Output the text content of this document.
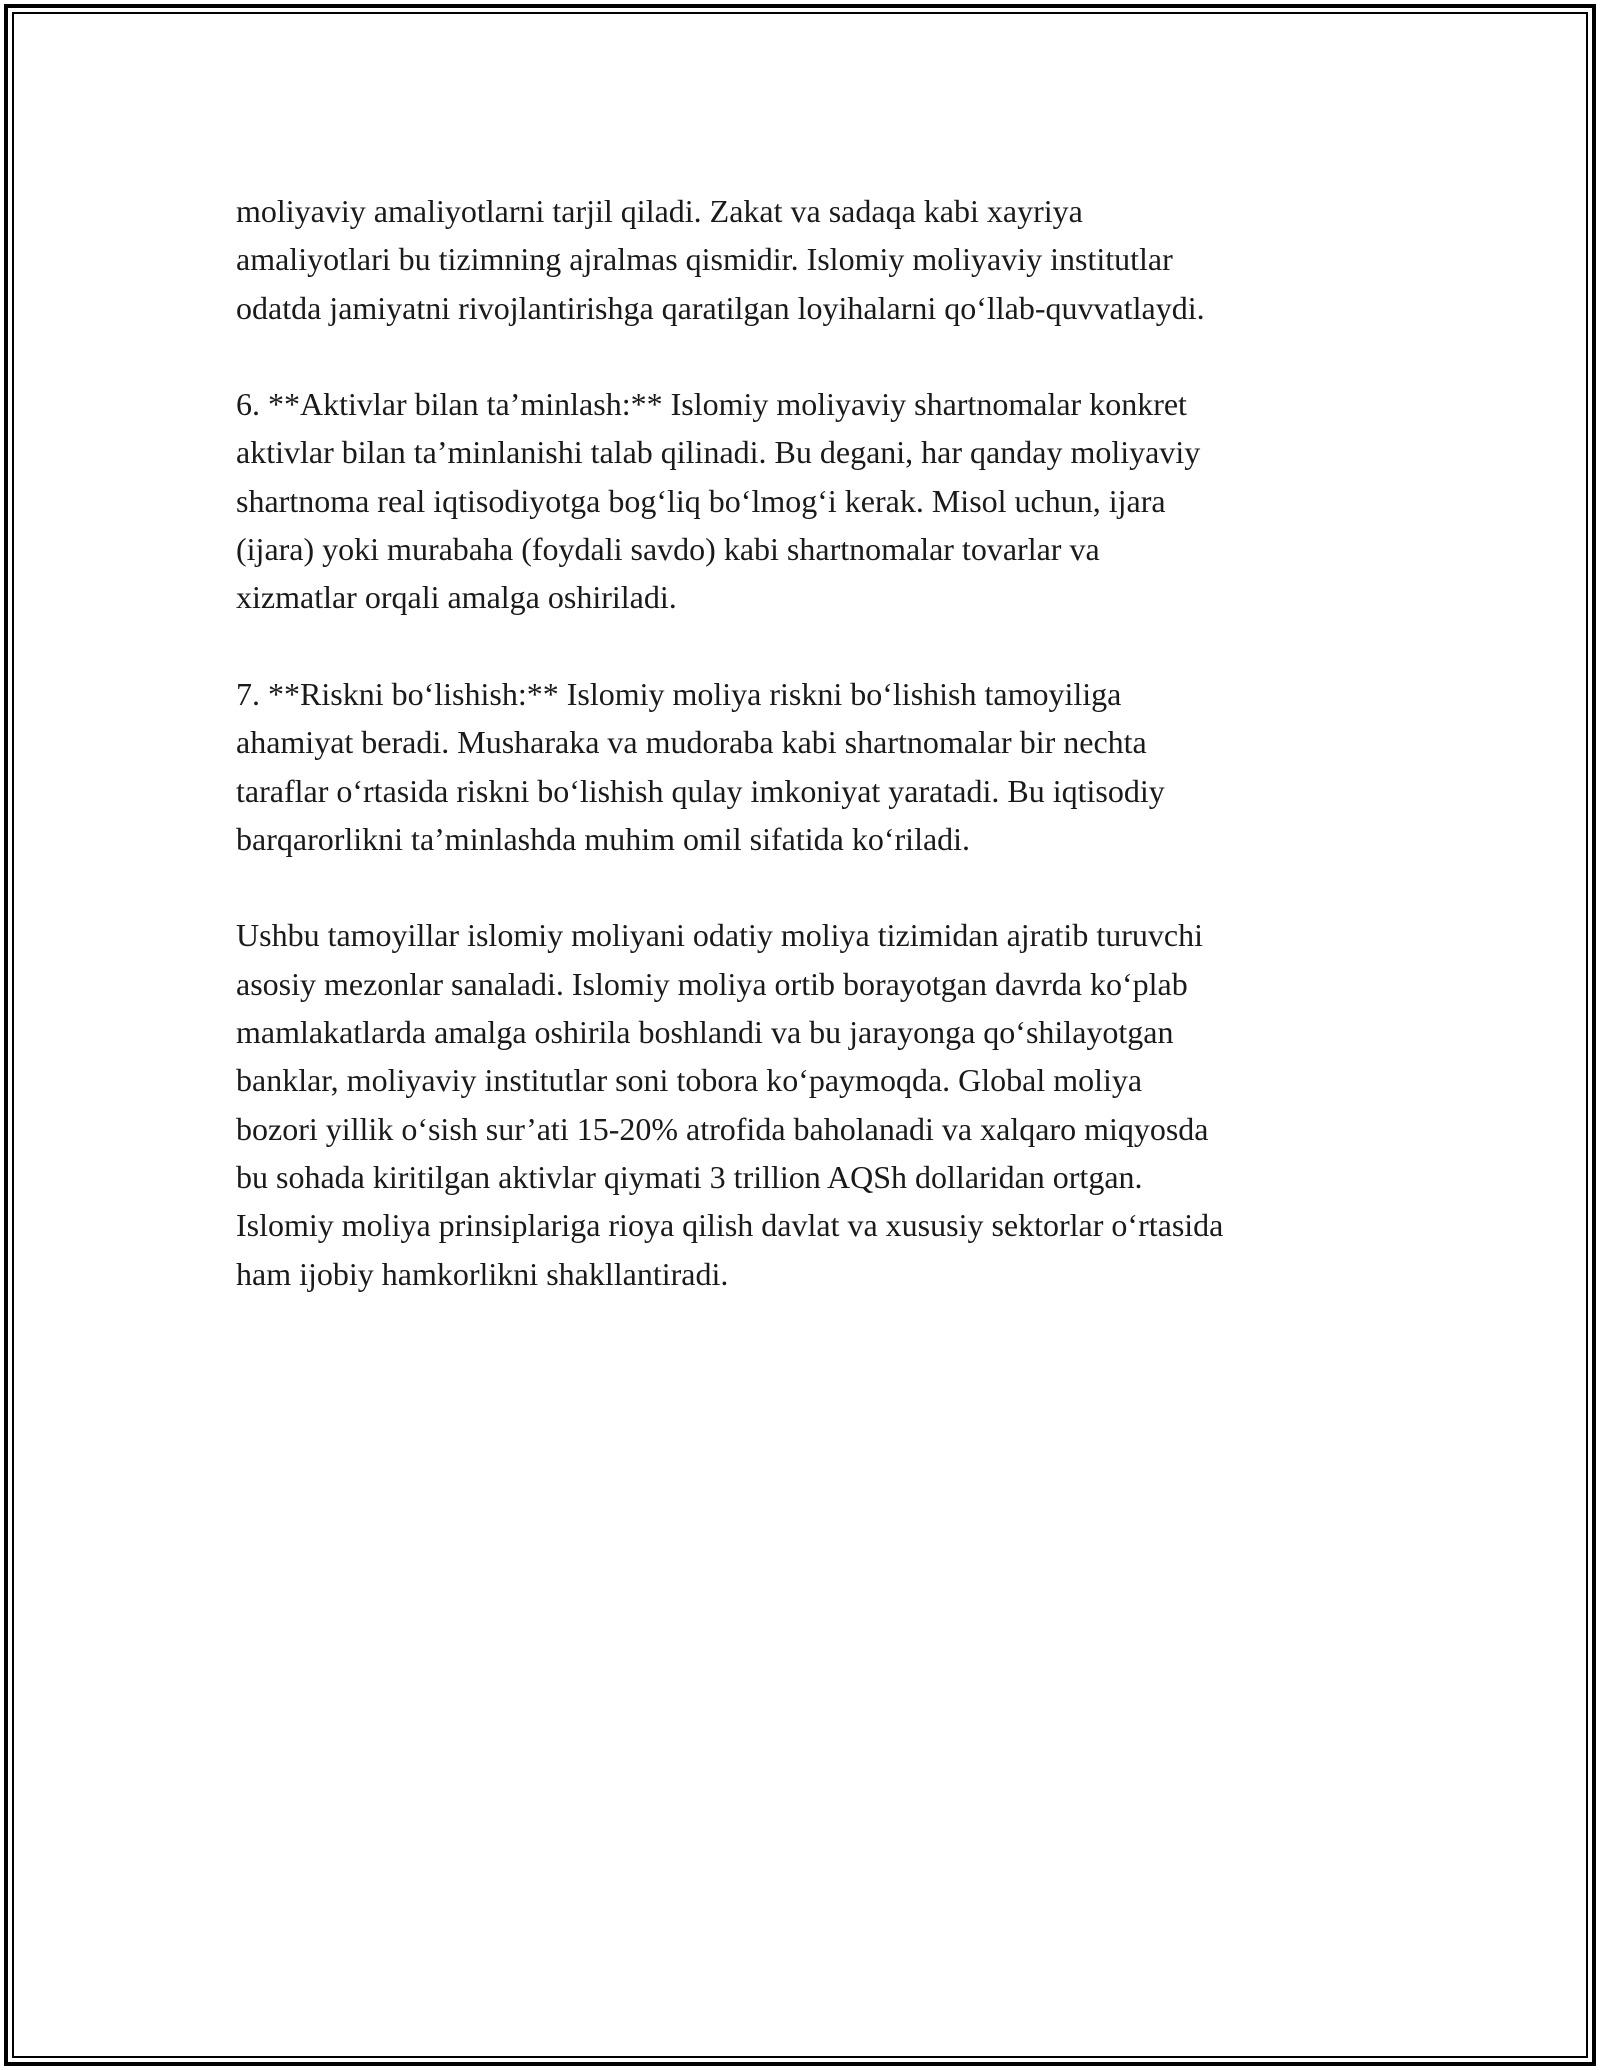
moliyaviy amaliyotlarni tarjil qiladi. Zakat va sadaqa kabi xayriya
amaliyotlari bu tizimning ajralmas qismidir. Islomiy moliyaviy institutlar
odatda jamiyatni rivojlantirishga qaratilgan loyihalarni qo‘llab-quvvatlaydi.

6. **Aktivlar bilan ta’minlash:** Islomiy moliyaviy shartnomalar konkret
aktivlar bilan ta’minlanishi talab qilinadi. Bu degani, har qanday moliyaviy
shartnoma real iqtisodiyotga bog‘liq bo‘lmog‘i kerak. Misol uchun, ijara
(ijara) yoki murabaha (foydali savdo) kabi shartnomalar tovarlar va
xizmatlar orqali amalga oshiriladi.

7. **Riskni bo‘lishish:** Islomiy moliya riskni bo‘lishish tamoyiliga
ahamiyat beradi. Musharaka va mudoraba kabi shartnomalar bir nechta
taraflar o‘rtasida riskni bo‘lishish qulay imkoniyat yaratadi. Bu iqtisodiy
barqarorlikni ta’minlashda muhim omil sifatida ko‘riladi.

Ushbu tamoyillar islomiy moliyani odatiy moliya tizimidan ajratib turuvchi
asosiy mezonlar sanaladi. Islomiy moliya ortib borayotgan davrda ko‘plab
mamlakatlarda amalga oshirila boshlandi va bu jarayonga qo‘shilayotgan
banklar, moliyaviy institutlar soni tobora ko‘paymoqda. Global moliya
bozori yillik o‘sish sur’ati 15-20% atrofida baholanadi va xalqaro miqyosda
bu sohada kiritilgan aktivlar qiymati 3 trillion AQSh dollaridan ortgan.
Islomiy moliya prinsiplariga rioya qilish davlat va xususiy sektorlar o‘rtasida
ham ijobiy hamkorlikni shakllantiradi.
